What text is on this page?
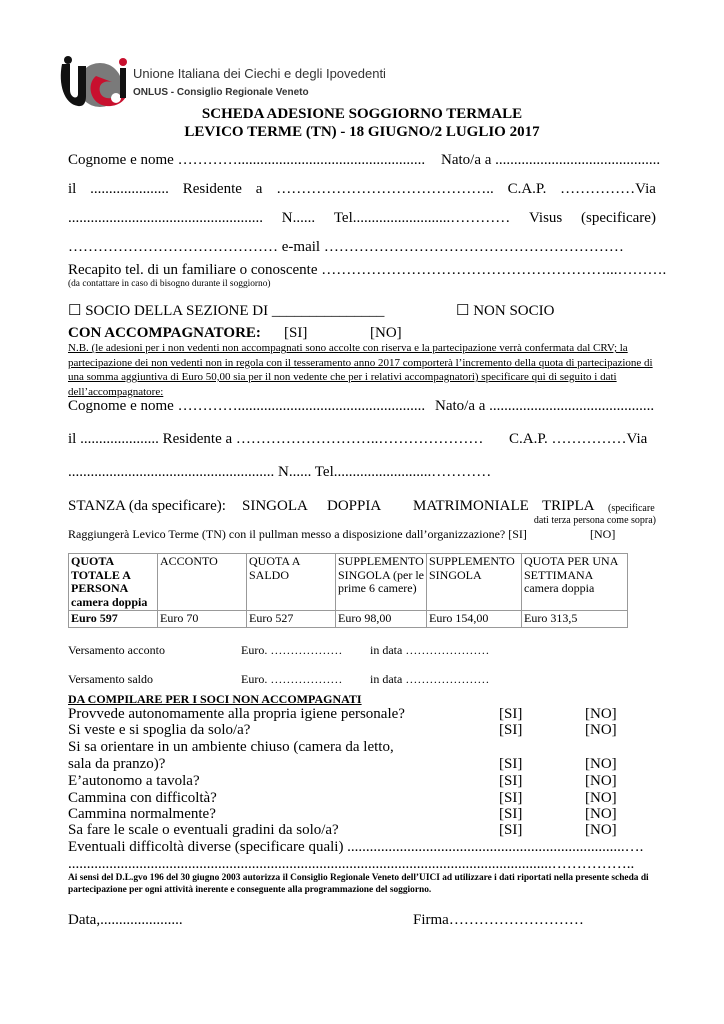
Unione Italiana dei Ciechi e degli Ipovedenti
ONLUS - Consiglio Regionale Veneto
SCHEDA ADESIONE SOGGIORNO TERMALE
LEVICO TERME (TN) - 18 GIUGNO/2 LUGLIO 2017
Cognome e nome ………….................................................. Nato/a a ............................................
il ..................... Residente a …………………………………….. C.A.P. ……………Via
.................................................... N...... Tel..........................………… Visus (specificare)
…………………………………… e-mail ……………………………………………………
Recapito tel. di un familiare o conoscente …………………………………………………...……….
(da contattare in caso di bisogno durante il soggiorno)
☐ SOCIO DELLA SEZIONE DI _______________	☐ NON SOCIO
CON ACCOMPAGNATORE: [SI]	[NO]
N.B. (le adesioni per i non vedenti non accompagnati sono accolte con riserva e la partecipazione verrà confermata dal CRV; la partecipazione dei non vedenti non in regola con il tesseramento anno 2017 comporterà l’incremento della quota di partecipazione di una somma aggiuntiva di Euro 50,00 sia per il non vedente che per i relativi accompagnatori) specificare qui di seguito i dati dell’accompagnatore:
Cognome e nome ………….................................................. Nato/a a ............................................
il ..................... Residente a ………………………..………………… C.A.P. ……………Via
....................................................... N...... Tel..........................…………
STANZA (da specificare): SINGOLA DOPPIA MATRIMONIALE TRIPLA (specificare
dati terza persona come sopra)
Raggiungerà Levico Terme (TN) con il pullman messo a disposizione dall’organizzazione? [SI]	[NO]
QUOTA TOTALE A PERSONA camera doppia	ACCONTO	QUOTA A SALDO	SUPPLEMENTO SINGOLA (per le prime 6 camere)	SUPPLEMENTO SINGOLA	QUOTA PER UNA SETTIMANA camera doppia
Euro 597	Euro 70	Euro 527	Euro 98,00	Euro 154,00	Euro 313,5
Versamento acconto	Euro. ……………… in data …………………
Versamento saldo	Euro. ……………… in data …………………
DA COMPILARE PER I SOCI NON ACCOMPAGNATI
Provvede autonomamente alla propria igiene personale?	[SI]	[NO]
Si veste e si spoglia da solo/a?	[SI]	[NO]
Si sa orientare in un ambiente chiuso (camera da letto,
sala da pranzo)?	[SI]	[NO]
E’autonomo a tavola?	[SI]	[NO]
Cammina con difficoltà?	[SI]	[NO]
Cammina normalmente?	[SI]	[NO]
Sa fare le scale o eventuali gradini da solo/a?	[SI]	[NO]
Eventuali difficoltà diverse (specificare quali) ..........................................................................….
.................................................................................................................................……………..
Ai sensi del D.L.gvo 196 del 30 giugno 2003 autorizza il Consiglio Regionale Veneto dell’UICI ad utilizzare i dati riportati nella presente scheda di partecipazione per ogni attività inerente e conseguente alla programmazione del soggiorno.
Data,......................	Firma………………………
